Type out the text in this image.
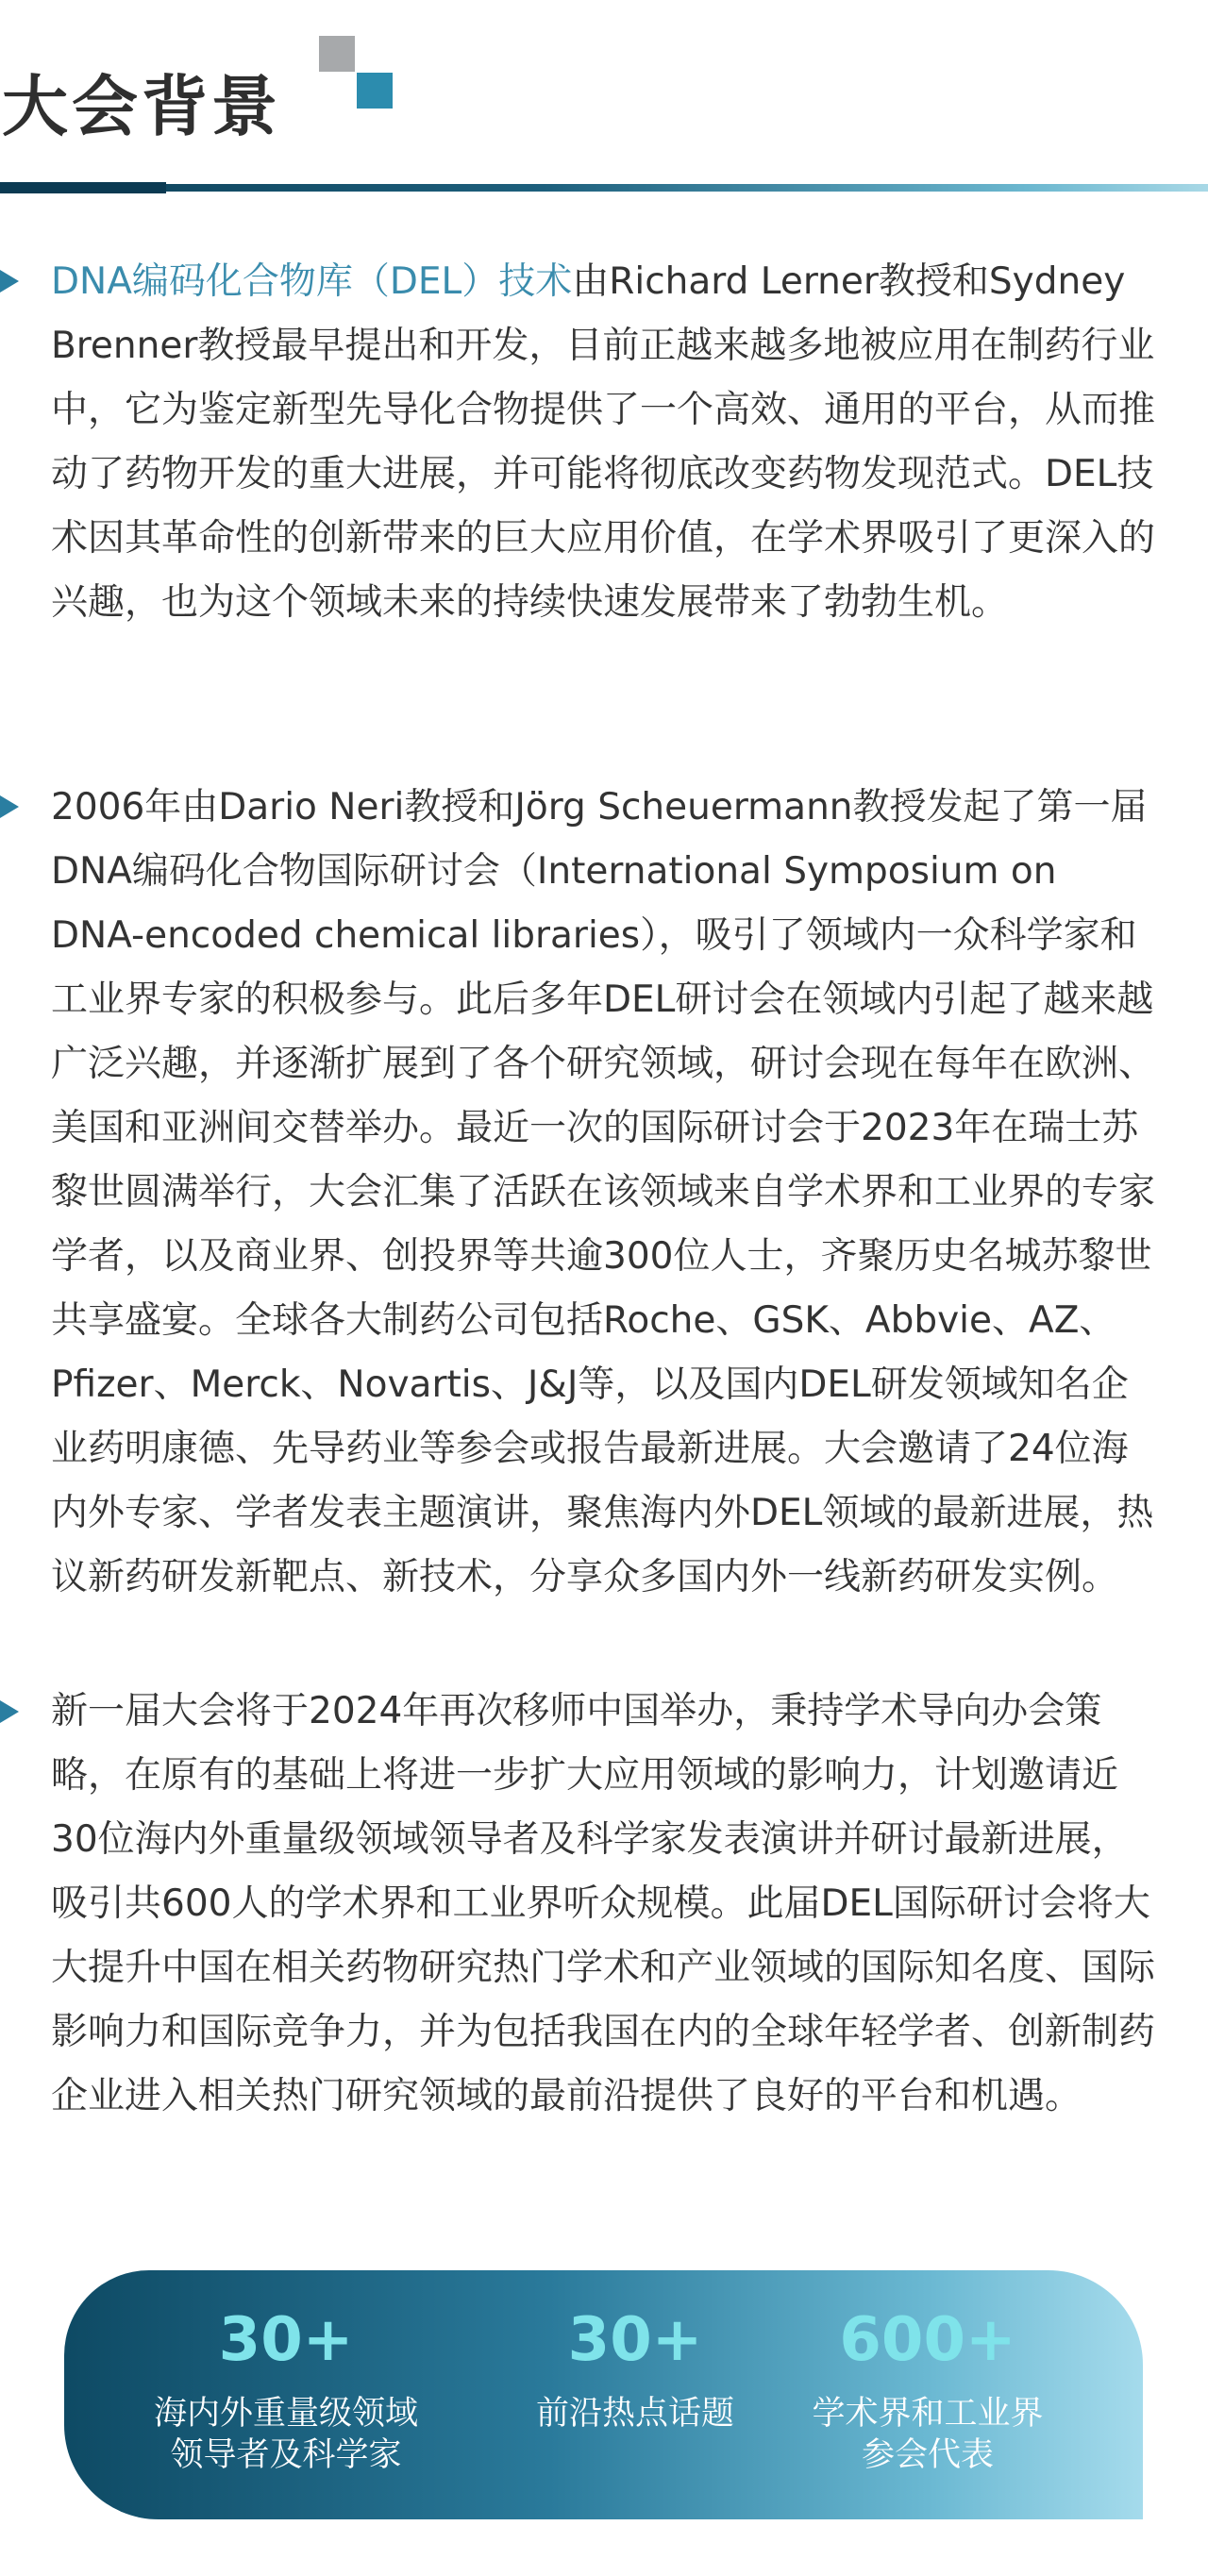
大会背景

DNA编码化合物库（DEL）技术由Richard Lerner教授和Sydney Brenner教授最早提出和开发，目前正越来越多地被应用在制药行业中，它为鉴定新型先导化合物提供了一个高效、通用的平台，从而推动了药物开发的重大进展，并可能将彻底改变药物发现范式。DEL技术因其革命性的创新带来的巨大应用价值，在学术界吸引了更深入的兴趣，也为这个领域未来的持续快速发展带来了勃勃生机。

2006年由Dario Neri教授和Jörg Scheuermann教授发起了第一届DNA编码化合物国际研讨会（International Symposium on DNA-encoded chemical libraries），吸引了领域内一众科学家和工业界专家的积极参与。此后多年DEL研讨会在领域内引起了越来越广泛兴趣，并逐渐扩展到了各个研究领域，研讨会现在每年在欧洲、美国和亚洲间交替举办。最近一次的国际研讨会于2023年在瑞士苏黎世圆满举行，大会汇集了活跃在该领域来自学术界和工业界的专家学者，以及商业界、创投界等共逾300位人士，齐聚历史名城苏黎世共享盛宴。全球各大制药公司包括Roche、GSK、Abbvie、AZ、Pfizer、Merck、Novartis、J&J等，以及国内DEL研发领域知名企业药明康德、先导药业等参会或报告最新进展。大会邀请了24位海内外专家、学者发表主题演讲，聚焦海内外DEL领域的最新进展，热议新药研发新靶点、新技术，分享众多国内外一线新药研发实例。

新一届大会将于2024年再次移师中国举办，秉持学术导向办会策略，在原有的基础上将进一步扩大应用领域的影响力，计划邀请近30位海内外重量级领域领导者及科学家发表演讲并研讨最新进展，吸引共600人的学术界和工业界听众规模。此届DEL国际研讨会将大大提升中国在相关药物研究热门学术和产业领域的国际知名度、国际影响力和国际竞争力，并为包括我国在内的全球年轻学者、创新制药企业进入相关热门研究领域的最前沿提供了良好的平台和机遇。

30+
海内外重量级领域
领导者及科学家
30+
前沿热点话题
600+
学术界和工业界
参会代表
